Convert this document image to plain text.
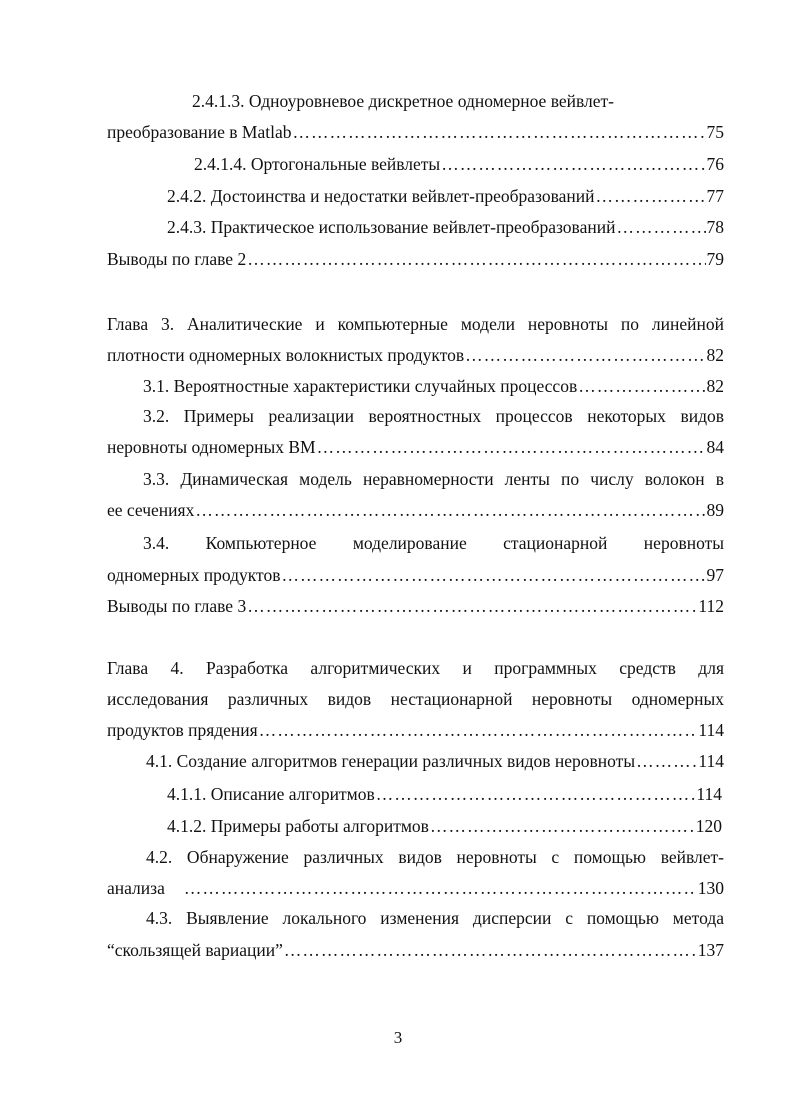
2.4.1.3. Одноуровневое дискретное одномерное вейвлет-
преобразование в Matlab ………………………………………………………………………………………………………………………………………………………………	75
2.4.1.4. Ортогональные вейвлеты ………………………………………………………………………………………………………………………………………………………………	76
2.4.2. Достоинства и недостатки вейвлет-преобразований ………………………………………………………………………………………………………………………………………………………………	77
2.4.3. Практическое использование вейвлет-преобразований ………………………………………………………………………………………………………………………………………………………………	78
Выводы по главе 2 ………………………………………………………………………………………………………………………………………………………………	79
Глава 3. Аналитические и компьютерные модели неровноты по линейной
плотности одномерных волокнистых продуктов ………………………………………………………………………………………………………………………………………………………………	82
3.1. Вероятностные характеристики случайных процессов ………………………………………………………………………………………………………………………………………………………………	82
3.2. Примеры реализации вероятностных процессов некоторых видов
неровноты одномерных ВМ ………………………………………………………………………………………………………………………………………………………………	84
3.3. Динамическая модель неравномерности ленты по числу волокон в
ее сечениях ………………………………………………………………………………………………………………………………………………………………	89
3.4. Компьютерное моделирование стационарной неровноты
одномерных продуктов ………………………………………………………………………………………………………………………………………………………………	97
Выводы по главе 3 ………………………………………………………………………………………………………………………………………………………………	112
Глава 4. Разработка алгоритмических и программных средств для
исследования различных видов нестационарной неровноты одномерных
продуктов прядения ………………………………………………………………………………………………………………………………………………………………	114
4.1. Создание алгоритмов генерации различных видов неровноты ………………………………………………………………………………………………………………………………………………………………	114
4.1.1. Описание алгоритмов ………………………………………………………………………………………………………………………………………………………………	114
4.1.2. Примеры работы алгоритмов ………………………………………………………………………………………………………………………………………………………………	120
4.2. Обнаружение различных видов неровноты с помощью вейвлет-
анализа ………………………………………………………………………………………………………………………………………………………………	130
4.3. Выявление локального изменения дисперсии с помощью метода
“скользящей вариации” ………………………………………………………………………………………………………………………………………………………………	137
3
